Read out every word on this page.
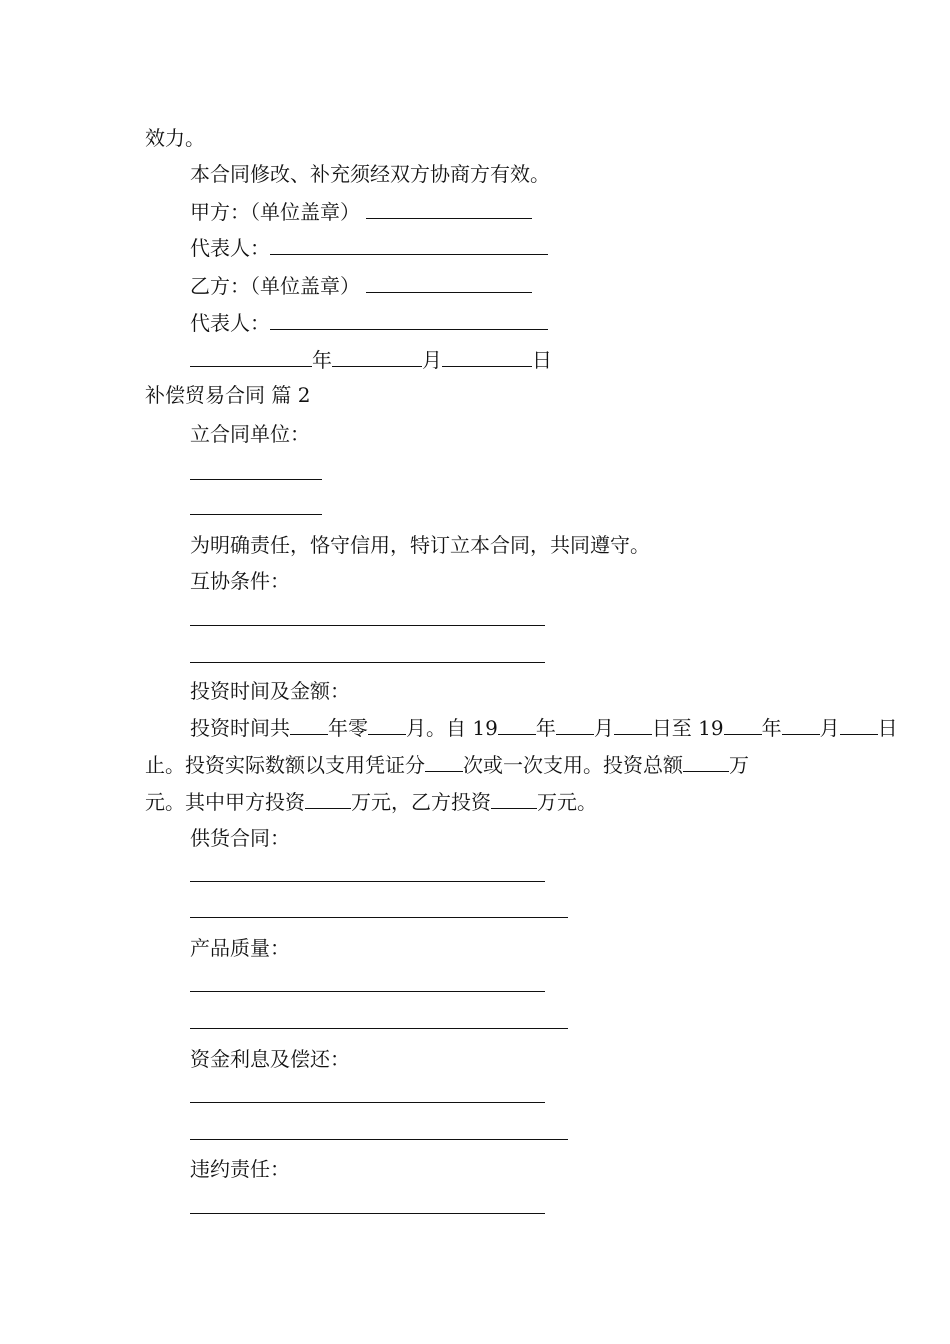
效力。
本合同修改、补充须经双方协商方有效。
甲方：（单位盖章）
代表人：
乙方：（单位盖章）
代表人：
年	月	日
补偿贸易合同 篇 2
立合同单位：
为明确责任，恪守信用，特订立本合同，共同遵守。
互协条件：
投资时间及金额：
投资时间共 年零 月。自 19 年 月 日至 19 年 月 日
止。投资实际数额以支用凭证分 次或一次支用。投资总额 万
元。其中甲方投资 万元，乙方投资 万元。
供货合同：
产品质量：
资金利息及偿还：
违约责任：
